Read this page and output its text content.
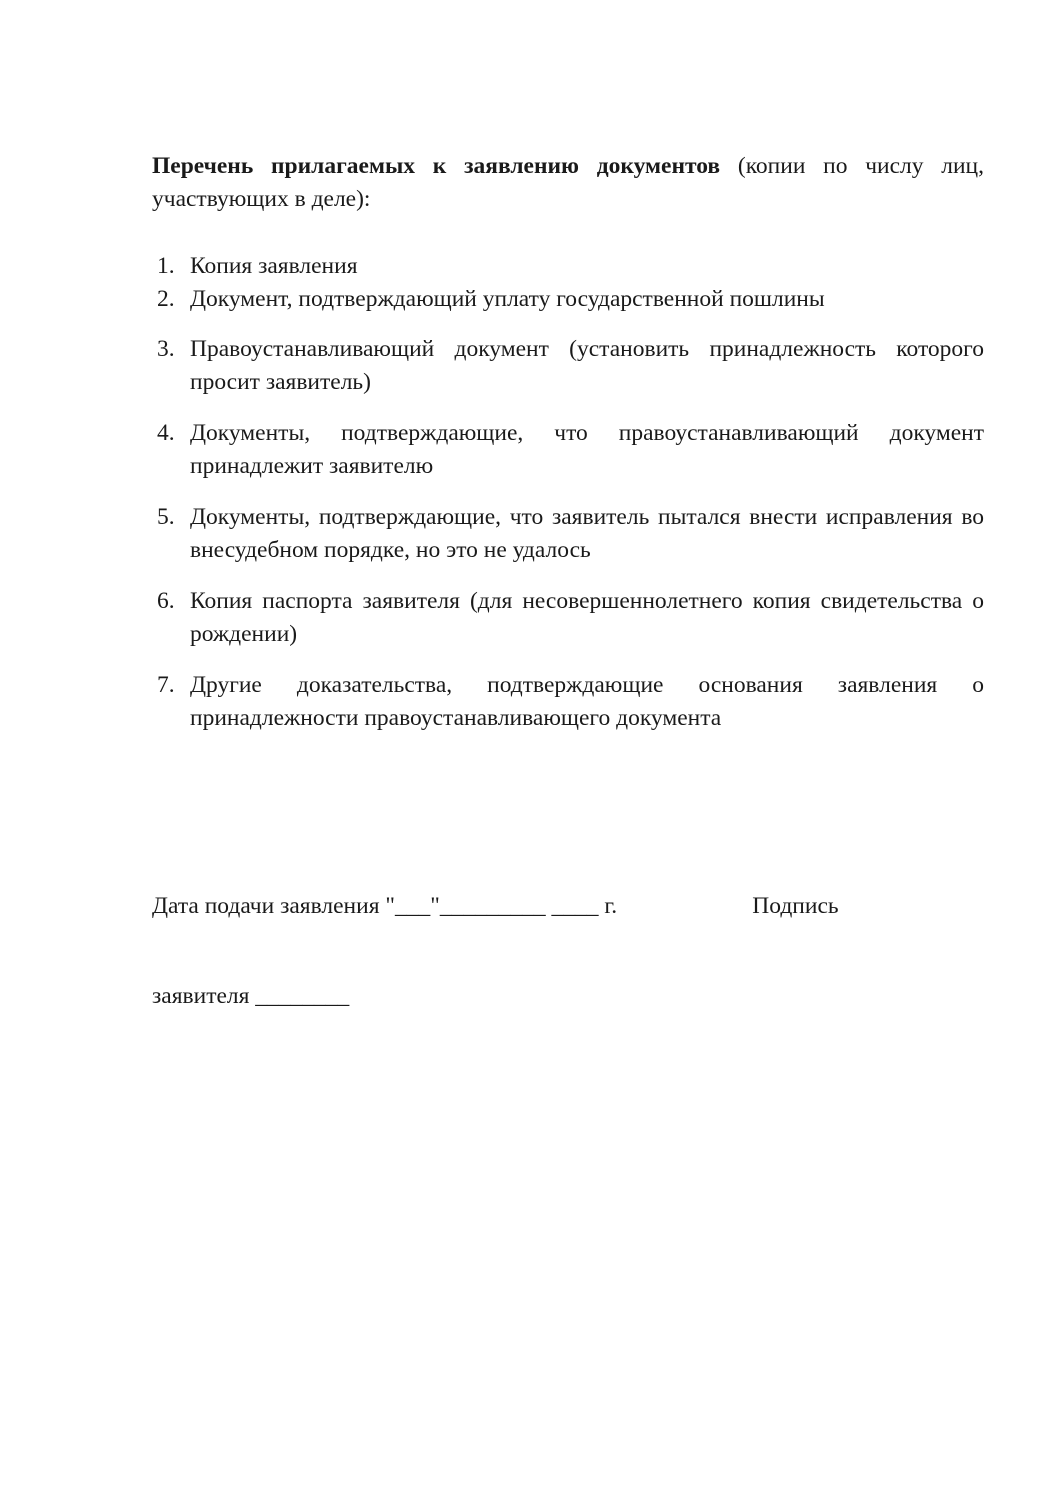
Перечень прилагаемых к заявлению документов (копии по числу лиц, участвующих в деле):

1. Копия заявления
2. Документ, подтверждающий уплату государственной пошлины
3. Правоустанавливающий документ (установить принадлежность которого просит заявитель)
4. Документы, подтверждающие, что правоустанавливающий документ принадлежит заявителю
5. Документы, подтверждающие, что заявитель пытался внести исправления во внесудебном порядке, но это не удалось
6. Копия паспорта заявителя (для несовершеннолетнего копия свидетельства о рождении)
7. Другие доказательства, подтверждающие основания заявления о принадлежности правоустанавливающего документа

Дата подачи заявления "___"_________ ____ г.                       Подпись

заявителя ________
